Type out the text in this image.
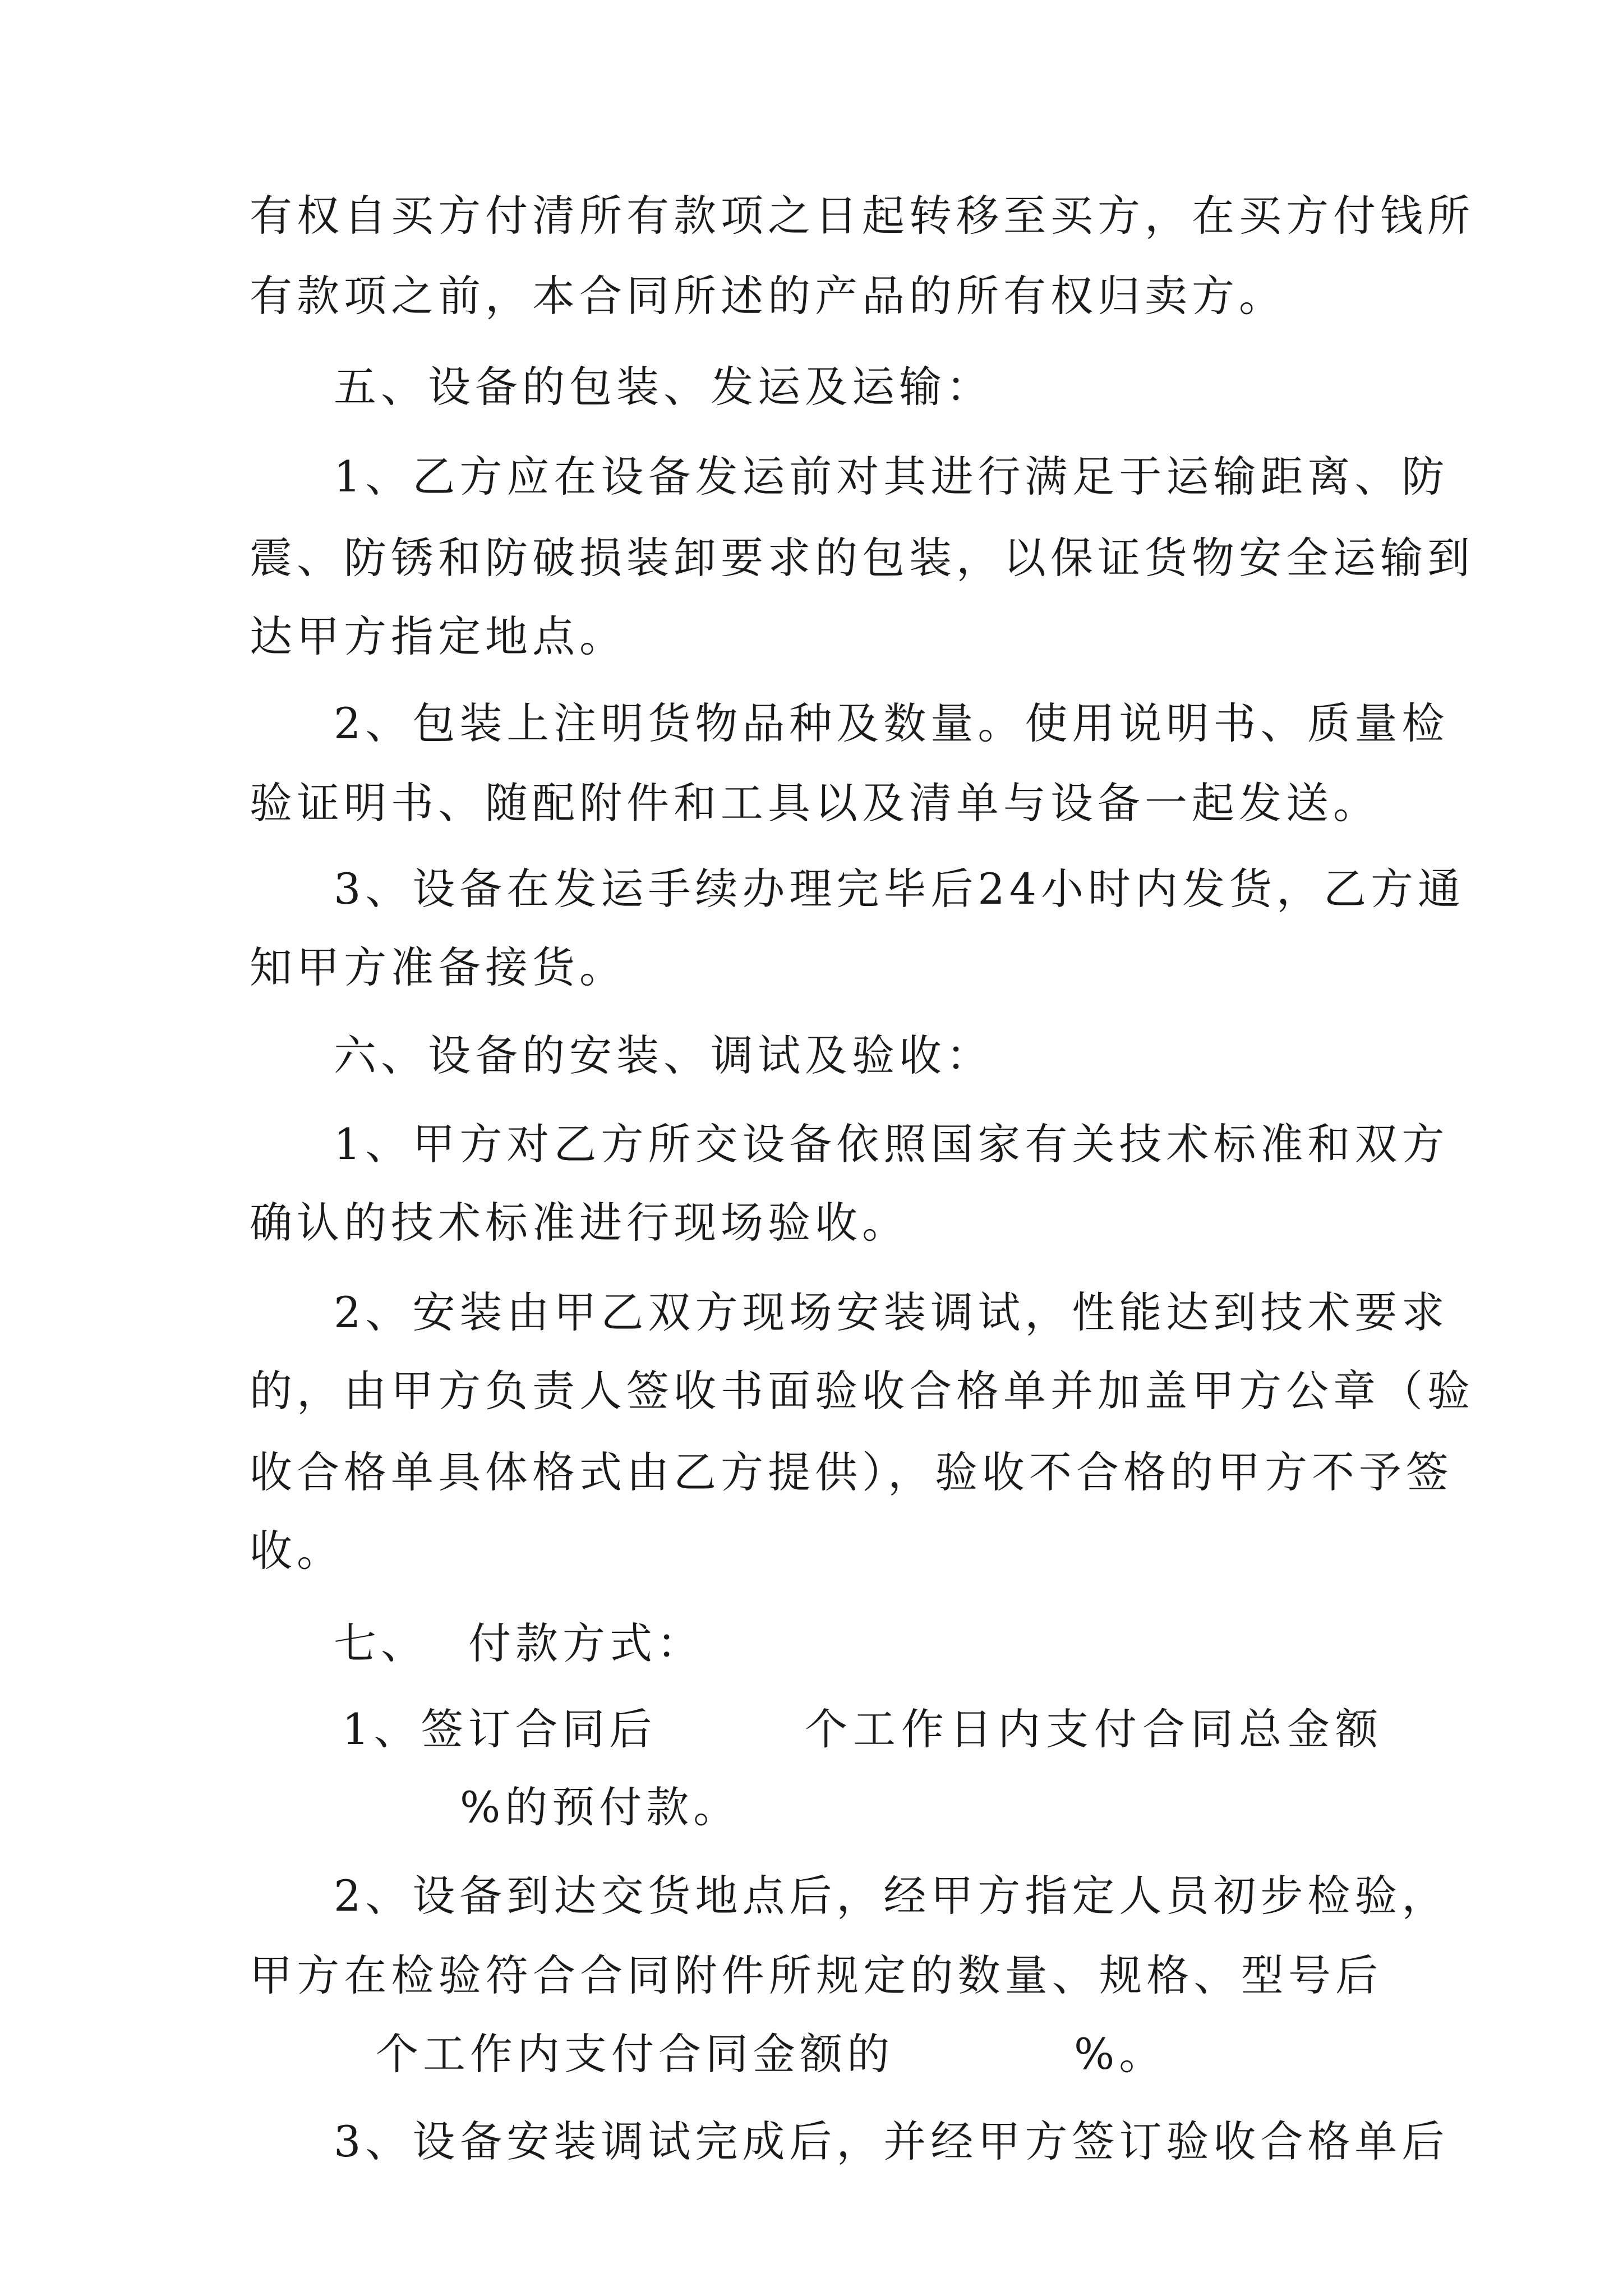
有权自买方付清所有款项之日起转移至买方，在买方付钱所
有款项之前，本合同所述的产品的所有权归卖方。
五、设备的包装、发运及运输：
1、乙方应在设备发运前对其进行满足于运输距离、防
震、防锈和防破损装卸要求的包装，以保证货物安全运输到
达甲方指定地点。
2、包装上注明货物品种及数量。使用说明书、质量检
验证明书、随配附件和工具以及清单与设备一起发送。
3、设备在发运手续办理完毕后24小时内发货，乙方通
知甲方准备接货。
六、设备的安装、调试及验收：
1、甲方对乙方所交设备依照国家有关技术标准和双方
确认的技术标准进行现场验收。
2、安装由甲乙双方现场安装调试，性能达到技术要求
的，由甲方负责人签收书面验收合格单并加盖甲方公章（验
收合格单具体格式由乙方提供），验收不合格的甲方不予签
收。
七、 付款方式：
1、签订合同后	个工作日内支付合同总金额
%的预付款。
2、设备到达交货地点后，经甲方指定人员初步检验，
甲方在检验符合合同附件所规定的数量、规格、型号后
个工作内支付合同金额的	%。
3、设备安装调试完成后，并经甲方签订验收合格单后
